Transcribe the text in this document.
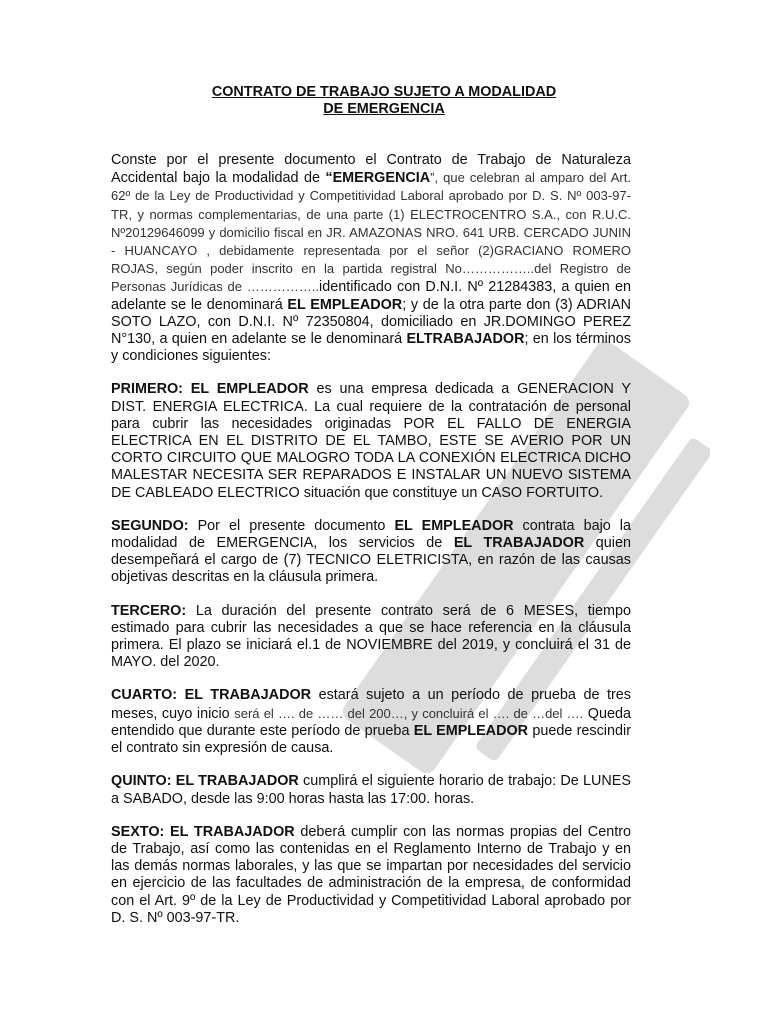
CONTRATO DE TRABAJO SUJETO A MODALIDAD
DE EMERGENCIA

Conste por el presente documento el Contrato de Trabajo de Naturaleza Accidental bajo la modalidad de “EMERGENCIA”, que celebran al amparo del Art. 62º de la Ley de Productividad y Competitividad Laboral aprobado por D. S. Nº 003-97-TR, y normas complementarias, de una parte (1) ELECTROCENTRO S.A., con R.U.C. Nº20129646099 y domicilio fiscal en JR. AMAZONAS NRO. 641 URB. CERCADO JUNIN - HUANCAYO , debidamente representada por el señor (2)GRACIANO ROMERO ROJAS, según poder inscrito en la partida registral No……………..del Registro de Personas Jurídicas de ……………..identificado con D.N.I. Nº 21284383, a quien en adelante se le denominará EL EMPLEADOR; y de la otra parte don (3) ADRIAN SOTO LAZO, con D.N.I. Nº 72350804, domiciliado en JR.DOMINGO PEREZ N°130, a quien en adelante se le denominará ELTRABAJADOR; en los términos y condiciones siguientes:

PRIMERO: EL EMPLEADOR es una empresa dedicada a GENERACION Y DIST. ENERGIA ELECTRICA. La cual requiere de la contratación de personal para cubrir las necesidades originadas POR EL FALLO DE ENERGIA ELECTRICA EN EL DISTRITO DE EL TAMBO, ESTE SE AVERIO POR UN CORTO CIRCUITO QUE MALOGRO TODA LA CONEXIÓN ELECTRICA DICHO MALESTAR NECESITA SER REPARADOS E INSTALAR UN NUEVO SISTEMA DE CABLEADO ELECTRICO situación que constituye un CASO FORTUITO.

SEGUNDO: Por el presente documento EL EMPLEADOR contrata bajo la modalidad de EMERGENCIA, los servicios de EL TRABAJADOR quien desempeñará el cargo de (7) TECNICO ELETRICISTA, en razón de las causas objetivas descritas en la cláusula primera.

TERCERO: La duración del presente contrato será de 6 MESES, tiempo estimado para cubrir las necesidades a que se hace referencia en la cláusula primera. El plazo se iniciará el.1 de NOVIEMBRE del 2019, y concluirá el 31 de MAYO. del 2020.

CUARTO: EL TRABAJADOR estará sujeto a un período de prueba de tres meses, cuyo inicio será el …. de …… del 200…, y concluirá el …. de …del …. Queda entendido que durante este período de prueba EL EMPLEADOR puede rescindir el contrato sin expresión de causa.

QUINTO: EL TRABAJADOR cumplirá el siguiente horario de trabajo: De LUNES a SABADO, desde las 9:00 horas hasta las 17:00. horas.

SEXTO: EL TRABAJADOR deberá cumplir con las normas propias del Centro de Trabajo, así como las contenidas en el Reglamento Interno de Trabajo y en las demás normas laborales, y las que se impartan por necesidades del servicio en ejercicio de las facultades de administración de la empresa, de conformidad con el Art. 9º de la Ley de Productividad y Competitividad Laboral aprobado por D. S. Nº 003-97-TR.
